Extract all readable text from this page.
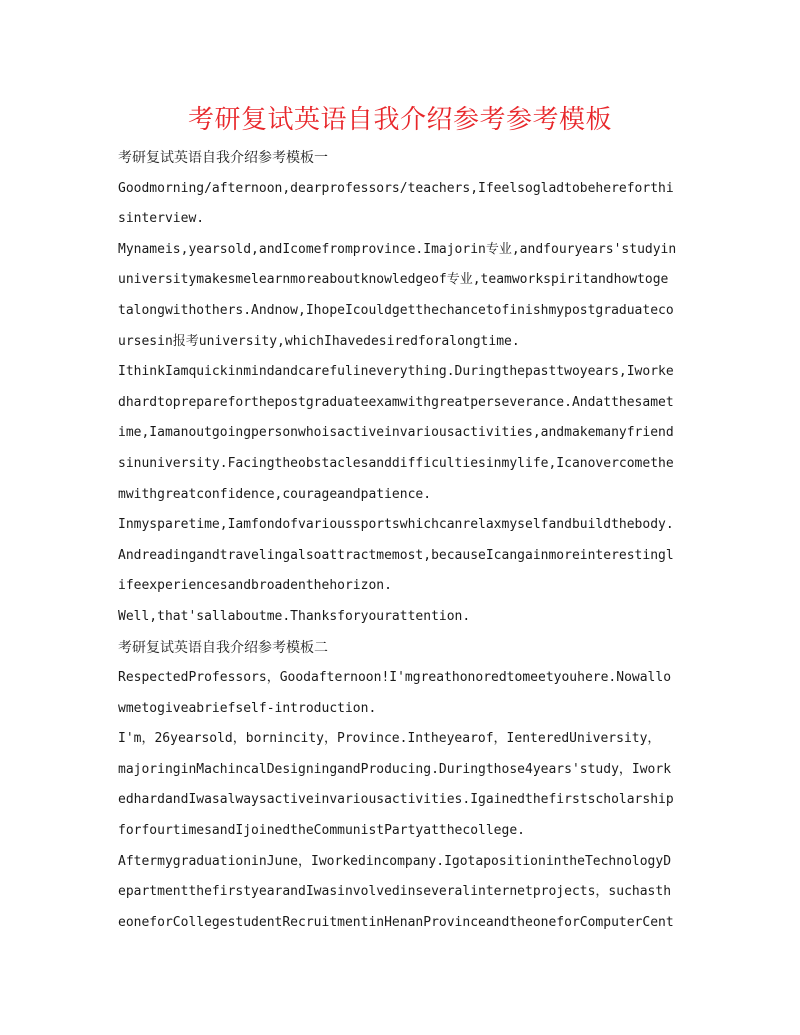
考研复试英语自我介绍参考参考模板
考研复试英语自我介绍参考模板一
Goodmorning/afternoon,dearprofessors/teachers,Ifeelsogladtobehereforthi
sinterview.
Mynameis,yearsold,andIcomefromprovince.Imajorin专业,andfouryears'studyin
universitymakesmelearnmoreaboutknowledgeof专业,teamworkspiritandhowtoge
talongwithothers.Andnow,IhopeIcouldgetthechancetofinishmypostgraduateco
ursesin报考university,whichIhavedesiredforalongtime.
IthinkIamquickinmindandcarefulineverything.Duringthepasttwoyears,Iworke
dhardtoprepareforthepostgraduateexamwithgreatperseverance.Andatthesamet
ime,Iamanoutgoingpersonwhoisactiveinvariousactivities,andmakemanyfriend
sinuniversity.Facingtheobstaclesanddifficultiesinmylife,Icanovercomethe
mwithgreatconfidence,courageandpatience.
Inmysparetime,Iamfondofvarioussportswhichcanrelaxmyselfandbuildthebody.
Andreadingandtravelingalsoattractmemost,becauseIcangainmoreinterestingl
ifeexperiencesandbroadenthehorizon.
Well,that'sallaboutme.Thanksforyourattention.
考研复试英语自我介绍参考模板二
RespectedProfessors，Goodafternoon!I'mgreathonoredtomeetyouhere.Nowallo
wmetogiveabriefself-introduction.
I'm，26yearsold，bornincity，Province.Intheyearof，IenteredUniversity，
majoringinMachincalDesigningandProducing.Duringthose4years'study，Iwork
edhardandIwasalwaysactiveinvariousactivities.Igainedthefirstscholarship
forfourtimesandIjoinedtheCommunistPartyatthecollege.
AftermygraduationinJune，Iworkedincompany.IgotapositionintheTechnologyD
epartmentthefirstyearandIwasinvolvedinseveralinternetprojects，suchasth
eoneforCollegestudentRecruitmentinHenanProvinceandtheoneforComputerCent
